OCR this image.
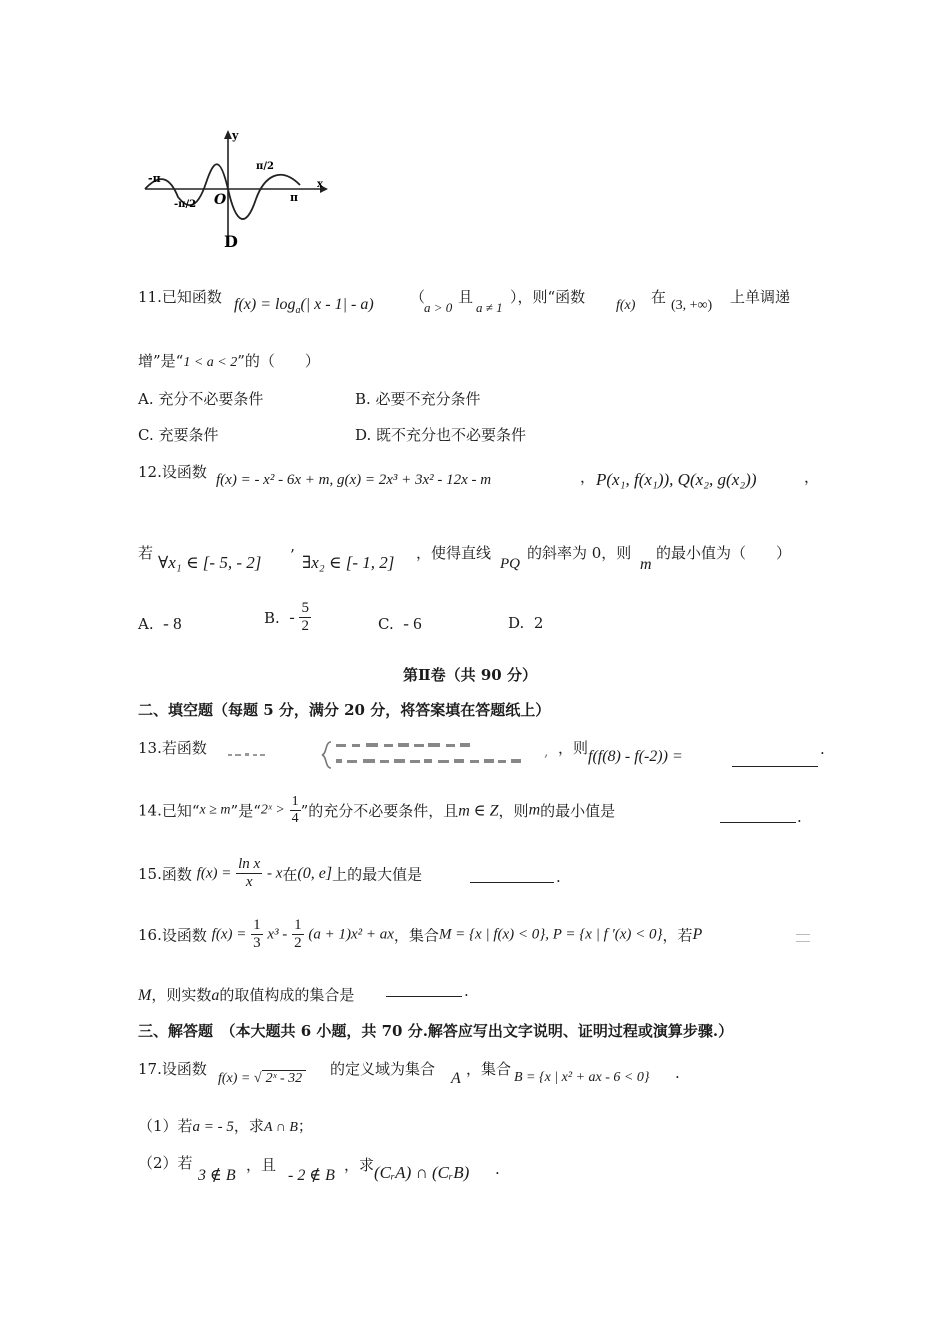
y
x
O
-π
-π/2
π/2
π
D
11.已知函数 $f(x) = \log_a(|$ x - 1| - a) （
a > 0
且
a ≠ 1
），则“函数 f(x) 在 (3, +∞) 上单调递
增”是“1 < a < 2”的（　　）
A. 充分不必要条件	B. 必要不充分条件
C. 充要条件	D. 既不充分也不必要条件
12.设函数 f(x) = - x² - 6x + m, g(x) = 2x³ + 3x² - 12x - m	， P(x₁, f(x₁)), Q(x₂, g(x₂))	，
若 ∀x₁ ∈ [- 5, - 2] ’ ∃x₂ ∈ [- 1, 2] ，使得直线
PQ
的斜率为 0，则
m
的最小值为（　　）
A. - 8	B. - $\frac{5}{2}$	C. - 6	D. 2
第Ⅱ卷（共 90 分）
二、填空题（每题 5 分，满分 20 分，将答案填在答题纸上）
13.若函数	, ，则 f(f(8) - f(-2)) =	.
14.已知“x ≥ m”是“2ˣ > $\frac{1}{4}$ ”的充分不必要条件，且m ∈ Z，则m的最小值是	.
15.函数 $f(x) = \frac{\text{ln x}}{x} - x$在(0, e]上的最大值是	.
16.设函数 $f(x) = \frac{1}{3} x^3 - \frac{1}{2} (a + 1)x^2$ + ax，集合M = {x | f(x) < 0}, P = {x | f ′(x) < 0}，若P
M，则实数a的取值构成的集合是	.
三、解答题　（本大题共 6 小题，共 70 分.解答应写出文字说明、证明过程或演算步骤.）
17.设函数
f(x) = √ 2ˣ - 32
的定义域为集合
A
，集合 B = {x | x² + ax - 6 < 0} .
（1）若a = - 5，求A ∩ B；
（2）若
3 ∉ B
，且
- 2 ∉ B
，求 (CᵣA) ∩ (CᵣB) .
